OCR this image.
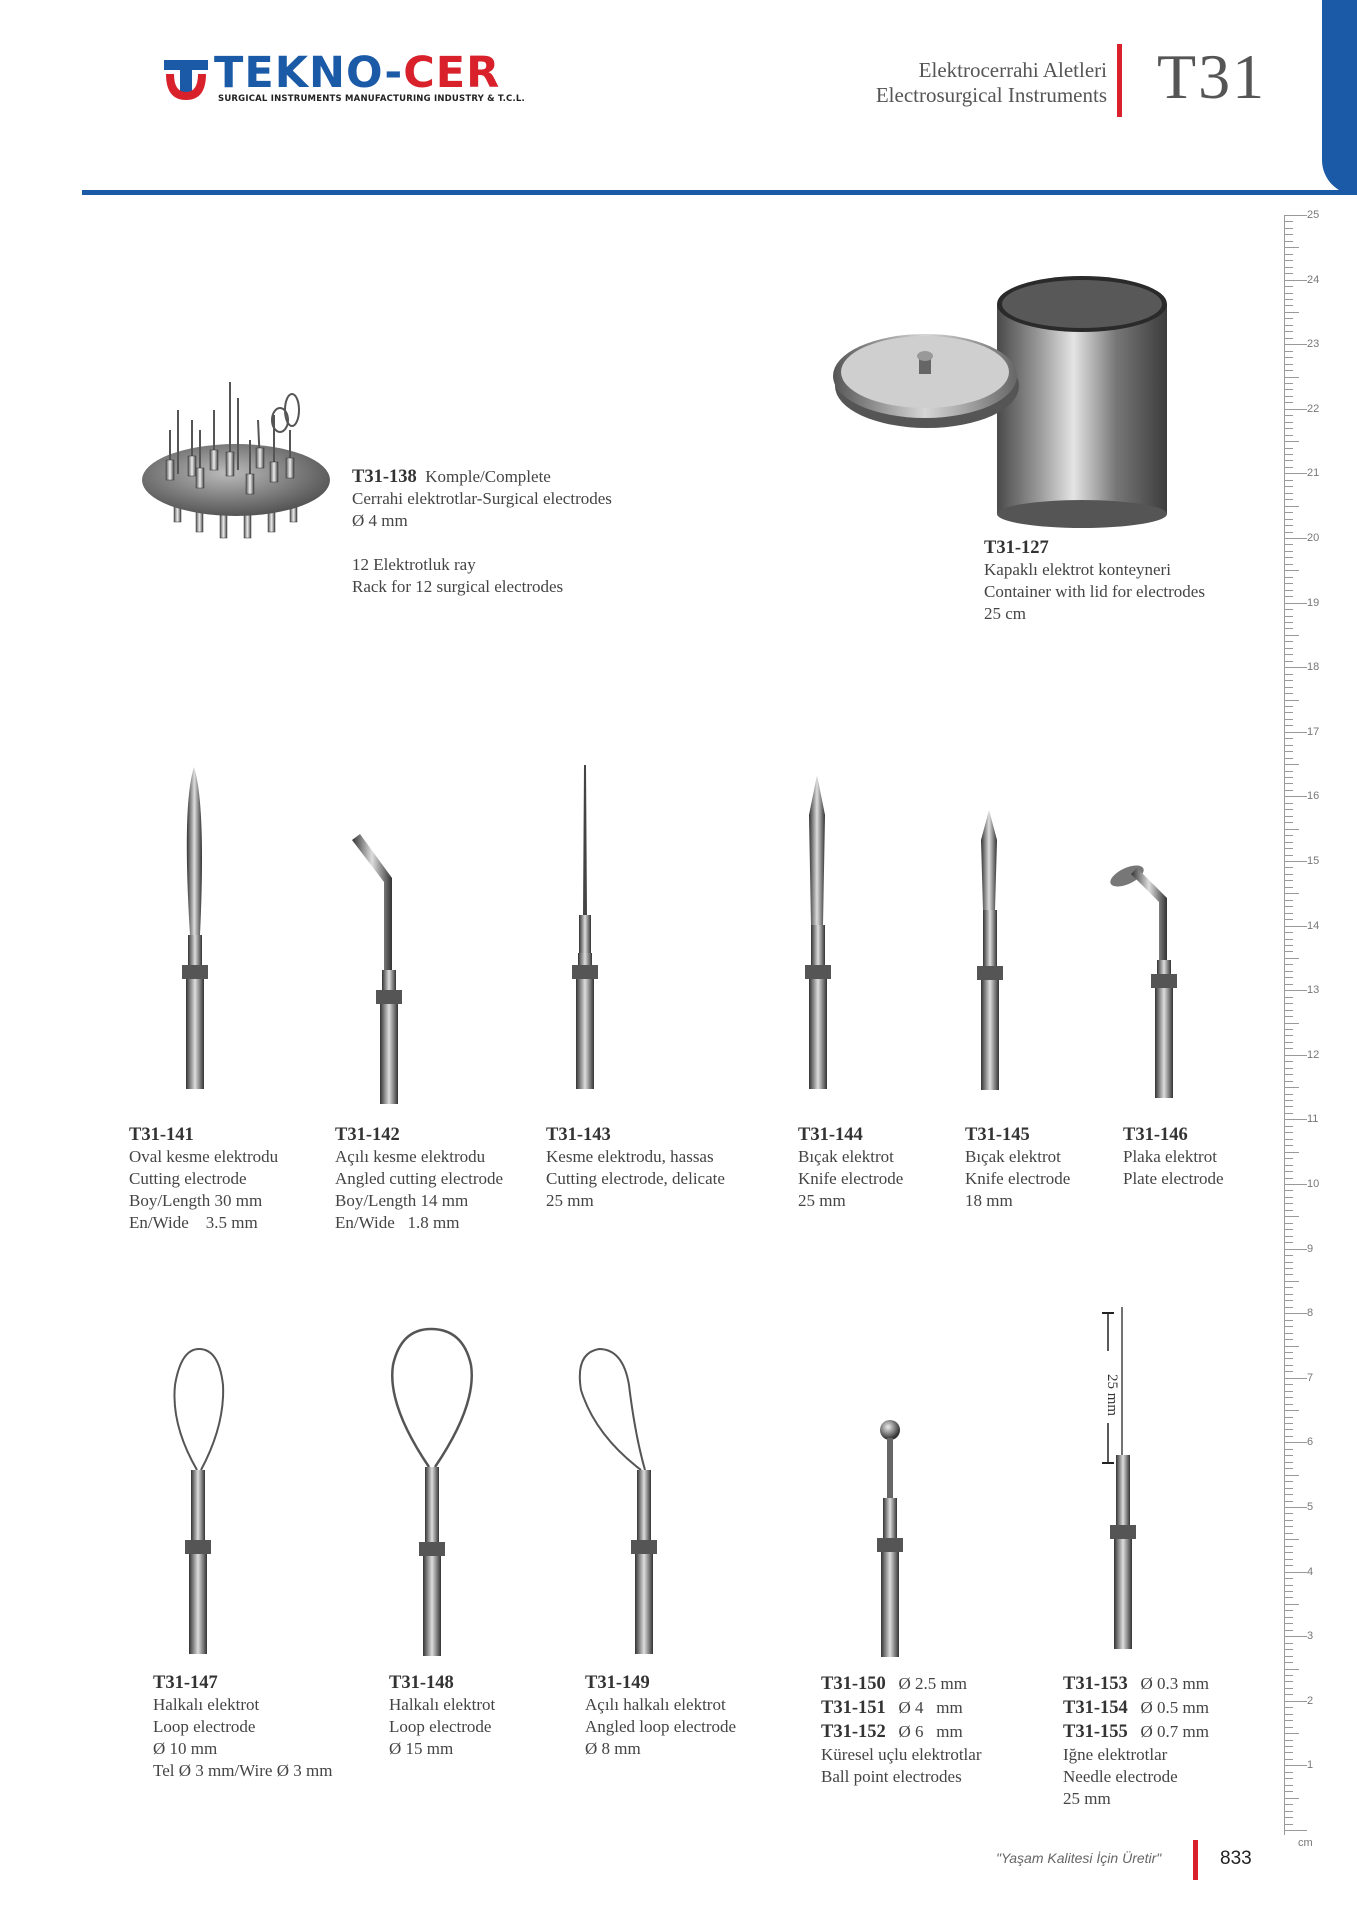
TEKNO-CER
SURGICAL INSTRUMENTS MANUFACTURING INDUSTRY & T.C.L.
Elektrocerrahi Aletleri
Electrosurgical Instruments T31
25
24
23
22
21
20
19
18
17
16
15
14
13
12
11
10
9
8
7
6
5
4
3
2
1
cm
T31-138 Komple/Complete
Cerrahi elektrotlar-Surgical electrodes
Ø 4 mm
12 Elektrotluk ray
Rack for 12 surgical electrodes
T31-127
Kapaklı elektrot konteyneri
Container with lid for electrodes
25 cm
T31-141
Oval kesme elektrodu
Cutting electrode
Boy/Length 30 mm
En/Wide    3.5 mm
T31-142
Açılı kesme elektrodu
Angled cutting electrode
Boy/Length 14 mm
En/Wide   1.8 mm
T31-143
Kesme elektrodu, hassas
Cutting electrode, delicate
25 mm
T31-144
Bıçak elektrot
Knife electrode
25 mm
T31-145
Bıçak elektrot
Knife electrode
18 mm
T31-146
Plaka elektrot
Plate electrode
25 mm
T31-147
Halkalı elektrot
Loop electrode
Ø 10 mm
Tel Ø 3 mm/Wire Ø 3 mm
T31-148
Halkalı elektrot
Loop electrode
Ø 15 mm
T31-149
Açılı halkalı elektrot
Angled loop electrode
Ø 8 mm
T31-150 Ø 2.5 mm
T31-151 Ø 4   mm
T31-152 Ø 6   mm
Küresel uçlu elektrotlar
Ball point electrodes
T31-153 Ø 0.3 mm
T31-154 Ø 0.5 mm
T31-155 Ø 0.7 mm
Iğne elektrotlar
Needle electrode
25 mm
"Yaşam Kalitesi İçin Üretir"	833
